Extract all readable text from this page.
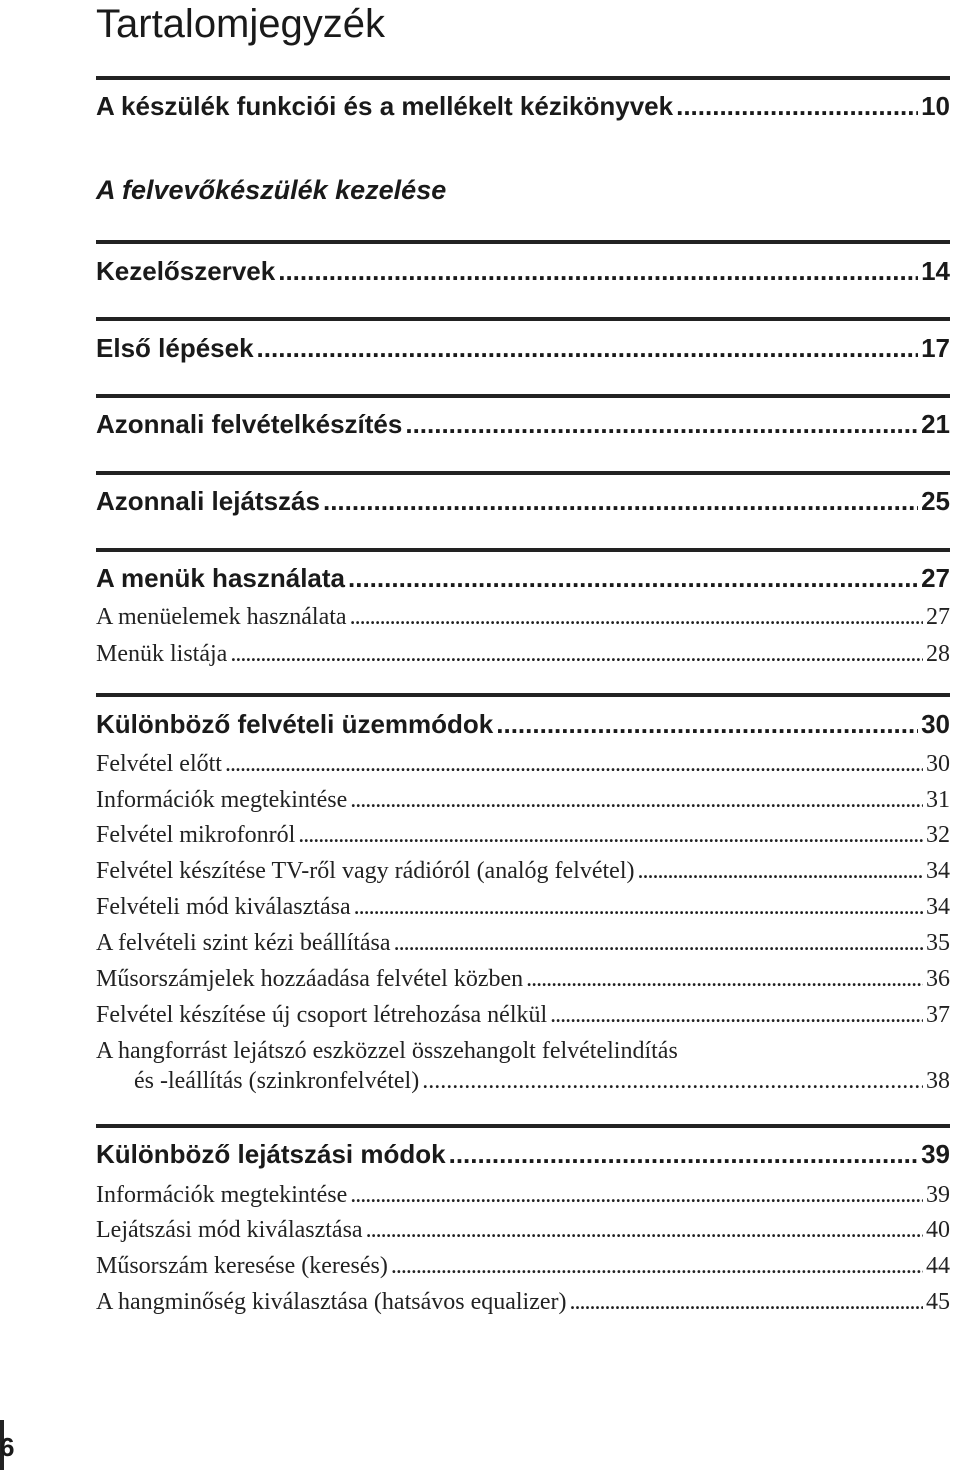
Tartalomjegyzék
A készülék funkciói és a mellékelt kézikönyvek .....	10
A felvevőkészülék kezelése
Kezelőszervek .....	14
Első lépések .....	17
Azonnali felvételkészítés .....	21
Azonnali lejátszás .....	25
A menük használata .....	27
A menüelemek használata .....	27
Menük listája .....	28
Különböző felvételi üzemmódok .....	30
Felvétel előtt .....	30
Információk megtekintése .....	31
Felvétel mikrofonról .....	32
Felvétel készítése TV-ről vagy rádióról (analóg felvétel) .....	34
Felvételi mód kiválasztása .....	34
A felvételi szint kézi beállítása .....	35
Műsorszámjelek hozzáadása felvétel közben .....	36
Felvétel készítése új csoport létrehozása nélkül .....	37
A hangforrást lejátszó eszközzel összehangolt felvételindítás
és -leállítás (szinkronfelvétel) .....	38
Különböző lejátszási módok .....	39
Információk megtekintése .....	39
Lejátszási mód kiválasztása .....	40
Műsorszám keresése (keresés) .....	44
A hangminőség kiválasztása (hatsávos equalizer) .....	45
6
